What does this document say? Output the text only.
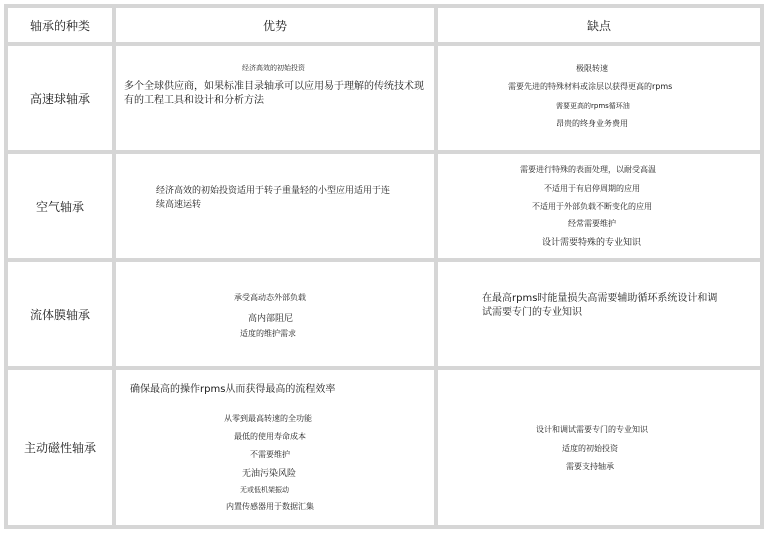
轴承的种类	优势	缺点
高速球轴承
经济高效的初始投资
多个全球供应商，如果标准目录轴承可以应用易于理解的传统技术现有的工程工具和设计和分析方法
极限转速
需要先进的特殊材料或涂层以获得更高的rpms
需要更高的rpms循环油
昂贵的终身业务费用
空气轴承
经济高效的初始投资适用于转子重量轻的小型应用适用于连续高速运转
需要进行特殊的表面处理，以耐受高温
不适用于有启停周期的应用
不适用于外部负载不断变化的应用
经常需要维护
设计需要特殊的专业知识
流体膜轴承
承受高动态外部负载
高内部阻尼
适度的维护需求
在最高rpms时能量损失高需要辅助循环系统设计和调试需要专门的专业知识
主动磁性轴承
确保最高的操作rpms从而获得最高的流程效率
从零到最高转速的全功能
最低的使用寿命成本
不需要维护
无油污染风险
无或低机架振动
内置传感器用于数据汇集
设计和调试需要专门的专业知识
适度的初始投资
需要支持轴承
